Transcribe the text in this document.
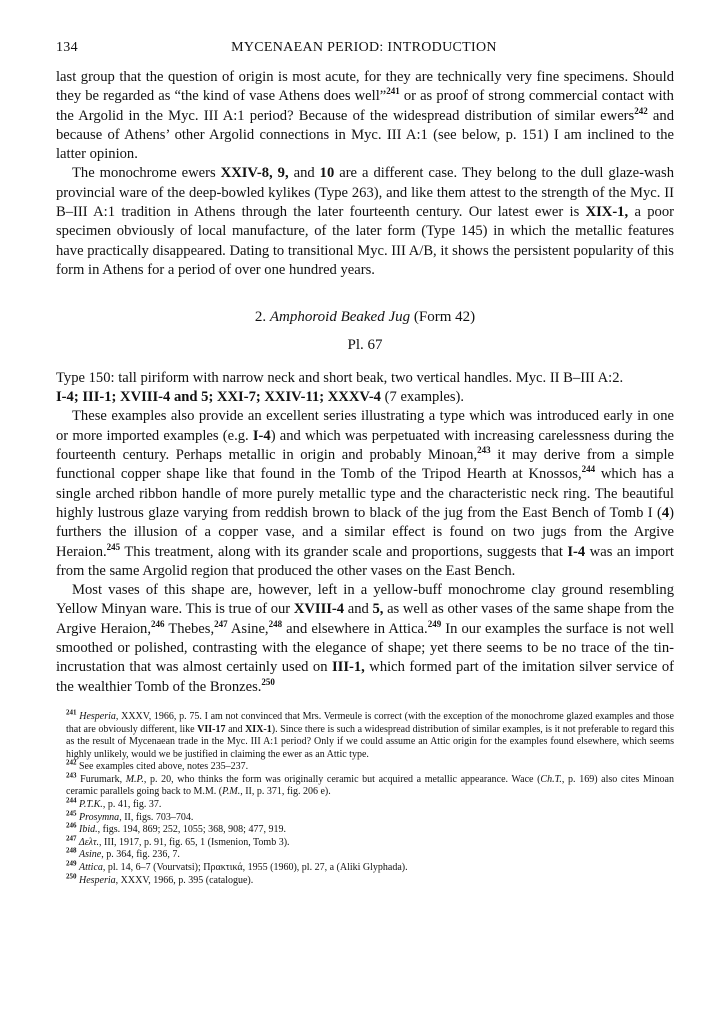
134	MYCENAEAN PERIOD: INTRODUCTION

last group that the question of origin is most acute, for they are technically very fine specimens. Should they be regarded as “the kind of vase Athens does well”$^{241}$ or as proof of strong commercial contact with the Argolid in the Myc. III A:1 period? Because of the widespread distribution of similar ewers$^{242}$ and because of Athens’ other Argolid connections in Myc. III A:1 (see below, p. 151) I am inclined to the latter opinion.

The monochrome ewers XXIV-8, 9, and 10 are a different case. They belong to the dull glaze-wash provincial ware of the deep-bowled kylikes (Type 263), and like them attest to the strength of the Myc. II B–III A:1 tradition in Athens through the later fourteenth century. Our latest ewer is XIX-1, a poor specimen obviously of local manufacture, of the later form (Type 145) in which the metallic features have practically disappeared. Dating to transitional Myc. III A/B, it shows the persistent popularity of this form in Athens for a period of over one hundred years.

2. Amphoroid Beaked Jug (Form 42)
Pl. 67

Type 150: tall piriform with narrow neck and short beak, two vertical handles. Myc. II B–III A:2.

I-4; III-1; XVIII-4 and 5; XXI-7; XXIV-11; XXXV-4 (7 examples).

These examples also provide an excellent series illustrating a type which was introduced early in one or more imported examples (e.g. I-4) and which was perpetuated with increasing carelessness during the fourteenth century. Perhaps metallic in origin and probably Minoan,$^{243}$ it may derive from a simple functional copper shape like that found in the Tomb of the Tripod Hearth at Knossos,$^{244}$ which has a single arched ribbon handle of more purely metallic type and the characteristic neck ring. The beautiful highly lustrous glaze varying from reddish brown to black of the jug from the East Bench of Tomb I (4) furthers the illusion of a copper vase, and a similar effect is found on two jugs from the Argive Heraion.$^{245}$ This treatment, along with its grander scale and proportions, suggests that I-4 was an import from the same Argolid region that produced the other vases on the East Bench.

Most vases of this shape are, however, left in a yellow-buff monochrome clay ground resembling Yellow Minyan ware. This is true of our XVIII-4 and 5, as well as other vases of the same shape from the Argive Heraion,$^{246}$ Thebes,$^{247}$ Asine,$^{248}$ and elsewhere in Attica.$^{249}$ In our examples the surface is not well smoothed or polished, contrasting with the elegance of shape; yet there seems to be no trace of the tin-incrustation that was almost certainly used on III-1, which formed part of the imitation silver service of the wealthier Tomb of the Bronzes.$^{250}$

$^{241}$ Hesperia, XXXV, 1966, p. 75. I am not convinced that Mrs. Vermeule is correct (with the exception of the monochrome glazed examples and those that are obviously different, like VII-17 and XIX-1). Since there is such a widespread distribution of similar examples, is it not preferable to regard this as the result of Mycenaean trade in the Myc. III A:1 period? Only if we could assume an Attic origin for the examples found elsewhere, which seems highly unlikely, would we be justified in claiming the ewer as an Attic type.

$^{242}$ See examples cited above, notes 235–237.

$^{243}$ Furumark, M.P., p. 20, who thinks the form was originally ceramic but acquired a metallic appearance. Wace (Ch.T., p. 169) also cites Minoan ceramic parallels going back to M.M. (P.M., II, p. 371, fig. 206 e).

$^{244}$ P.T.K., p. 41, fig. 37.

$^{245}$ Prosymna, II, figs. 703–704.

$^{246}$ Ibid., figs. 194, 869; 252, 1055; 368, 908; 477, 919.

$^{247}$ Δελτ., III, 1917, p. 91, fig. 65, 1 (Ismenion, Tomb 3).

$^{248}$ Asine, p. 364, fig. 236, 7.

$^{249}$ Attica, pl. 14, 6–7 (Vourvatsi); Πρακτικά, 1955 (1960), pl. 27, a (Aliki Glyphada).

$^{250}$ Hesperia, XXXV, 1966, p. 395 (catalogue).
